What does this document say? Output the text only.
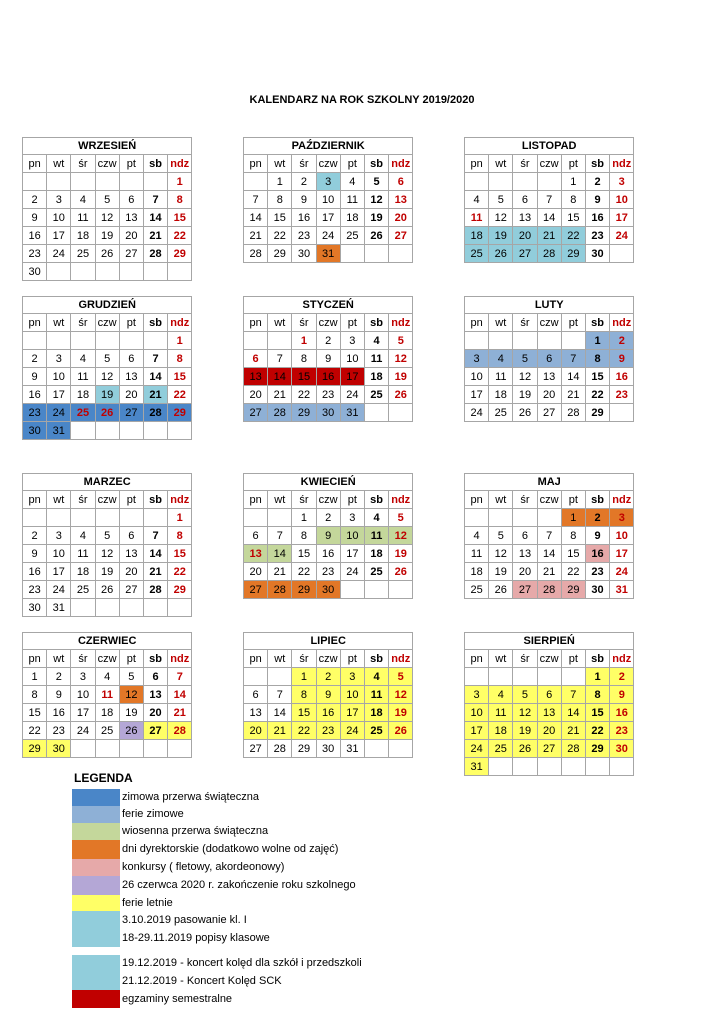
KALENDARZ NA ROK SZKOLNY 2019/2020
WRZESIEŃ						
pn	wt	śr	czw	pt	sb	ndz
						1
2	3	4	5	6	7	8
9	10	11	12	13	14	15
16	17	18	19	20	21	22
23	24	25	26	27	28	29
30						
PAŹDZIERNIK						
pn	wt	śr	czw	pt	sb	ndz
	1	2	3	4	5	6
7	8	9	10	11	12	13
14	15	16	17	18	19	20
21	22	23	24	25	26	27
28	29	30	31			
LISTOPAD						
pn	wt	śr	czw	pt	sb	ndz
				1	2	3
4	5	6	7	8	9	10
11	12	13	14	15	16	17
18	19	20	21	22	23	24
25	26	27	28	29	30	
GRUDZIEŃ						
pn	wt	śr	czw	pt	sb	ndz
						1
2	3	4	5	6	7	8
9	10	11	12	13	14	15
16	17	18	19	20	21	22
23	24	25	26	27	28	29
30	31					
STYCZEŃ						
pn	wt	śr	czw	pt	sb	ndz
		1	2	3	4	5
6	7	8	9	10	11	12
13	14	15	16	17	18	19
20	21	22	23	24	25	26
27	28	29	30	31		
LUTY						
pn	wt	śr	czw	pt	sb	ndz
					1	2
3	4	5	6	7	8	9
10	11	12	13	14	15	16
17	18	19	20	21	22	23
24	25	26	27	28	29	
MARZEC						
pn	wt	śr	czw	pt	sb	ndz
						1
2	3	4	5	6	7	8
9	10	11	12	13	14	15
16	17	18	19	20	21	22
23	24	25	26	27	28	29
30	31					
KWIECIEŃ						
pn	wt	śr	czw	pt	sb	ndz
		1	2	3	4	5
6	7	8	9	10	11	12
13	14	15	16	17	18	19
20	21	22	23	24	25	26
27	28	29	30			
MAJ						
pn	wt	śr	czw	pt	sb	ndz
				1	2	3
4	5	6	7	8	9	10
11	12	13	14	15	16	17
18	19	20	21	22	23	24
25	26	27	28	29	30	31
CZERWIEC						
pn	wt	śr	czw	pt	sb	ndz
1	2	3	4	5	6	7
8	9	10	11	12	13	14
15	16	17	18	19	20	21
22	23	24	25	26	27	28
29	30					
LIPIEC						
pn	wt	śr	czw	pt	sb	ndz
		1	2	3	4	5
6	7	8	9	10	11	12
13	14	15	16	17	18	19
20	21	22	23	24	25	26
27	28	29	30	31		
SIERPIEŃ						
pn	wt	śr	czw	pt	sb	ndz
					1	2
3	4	5	6	7	8	9
10	11	12	13	14	15	16
17	18	19	20	21	22	23
24	25	26	27	28	29	30
31						
LEGENDA
zimowa przerwa świąteczna
ferie zimowe
wiosenna przerwa świąteczna
dni dyrektorskie (dodatkowo wolne od zajęć)
konkursy ( fletowy, akordeonowy)
26 czerwca 2020 r. zakończenie roku szkolnego
ferie letnie
3.10.2019 pasowanie kl. I
18-29.11.2019 popisy klasowe
19.12.2019 - koncert kolęd dla szkół i przedszkoli
21.12.2019 - Koncert Kolęd SCK
egzaminy semestralne
